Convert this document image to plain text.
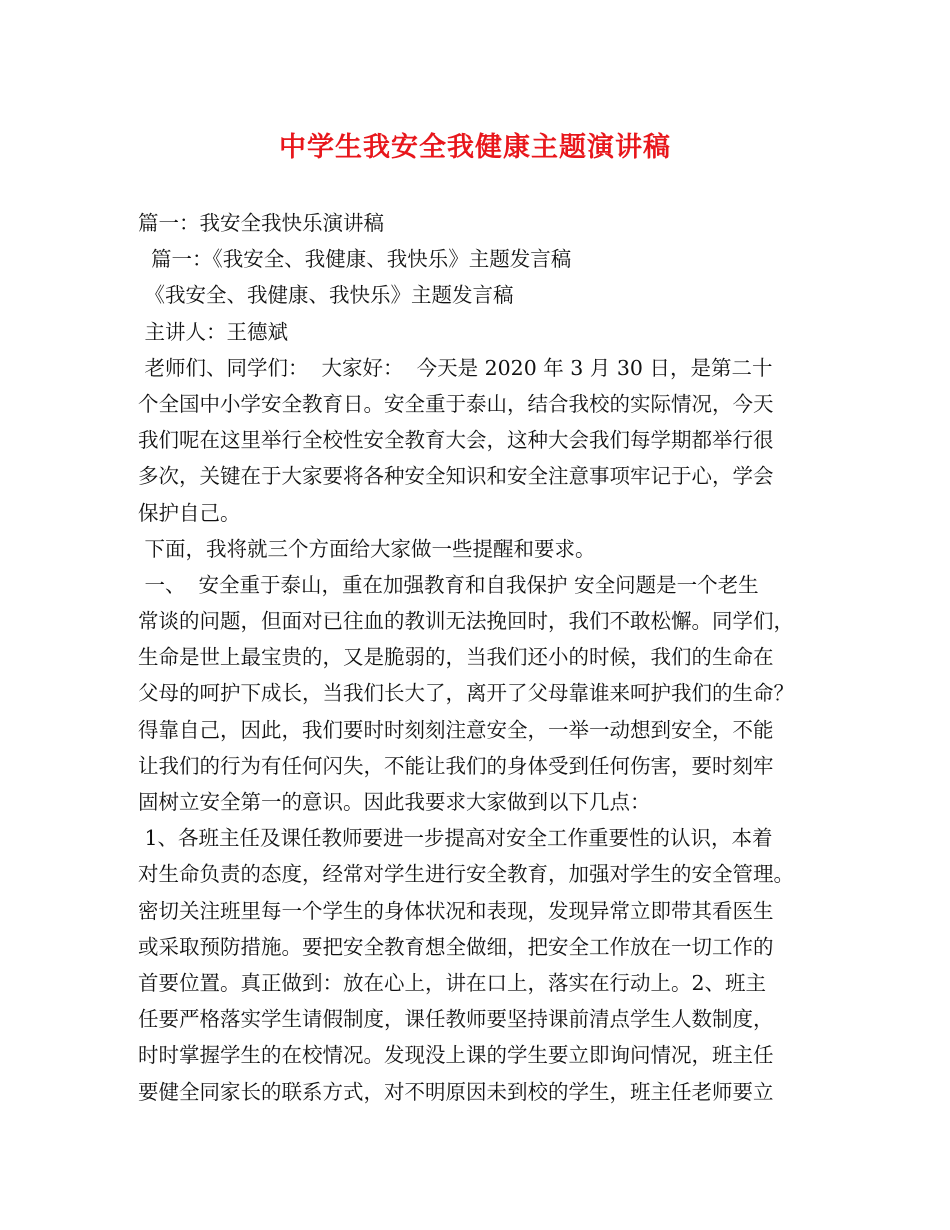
中学生我安全我健康主题演讲稿
篇一：我安全我快乐演讲稿
篇一：《我安全、我健康、我快乐》主题发言稿
《我安全、我健康、我快乐》主题发言稿
主讲人：王德斌
老师们、同学们：  大家好：  今天是 2020 年 3 月 30 日，是第二十
个全国中小学安全教育日。安全重于泰山，结合我校的实际情况，今天
我们呢在这里举行全校性安全教育大会，这种大会我们每学期都举行很
多次，关键在于大家要将各种安全知识和安全注意事项牢记于心，学会
保护自己。
下面，我将就三个方面给大家做一些提醒和要求。
一、  安全重于泰山，重在加强教育和自我保护 安全问题是一个老生
常谈的问题，但面对已往血的教训无法挽回时，我们不敢松懈。同学们，
生命是世上最宝贵的，又是脆弱的，当我们还小的时候，我们的生命在
父母的呵护下成长，当我们长大了，离开了父母靠谁来呵护我们的生命？
得靠自己，因此，我们要时时刻刻注意安全，一举一动想到安全，不能
让我们的行为有任何闪失，不能让我们的身体受到任何伤害，要时刻牢
固树立安全第一的意识。因此我要求大家做到以下几点：
1、各班主任及课任教师要进一步提高对安全工作重要性的认识，本着
对生命负责的态度，经常对学生进行安全教育，加强对学生的安全管理。
密切关注班里每一个学生的身体状况和表现，发现异常立即带其看医生
或采取预防措施。要把安全教育想全做细，把安全工作放在一切工作的
首要位置。真正做到：放在心上，讲在口上，落实在行动上。2、班主
任要严格落实学生请假制度，课任教师要坚持课前清点学生人数制度，
时时掌握学生的在校情况。发现没上课的学生要立即询问情况，班主任
要健全同家长的联系方式，对不明原因未到校的学生，班主任老师要立
